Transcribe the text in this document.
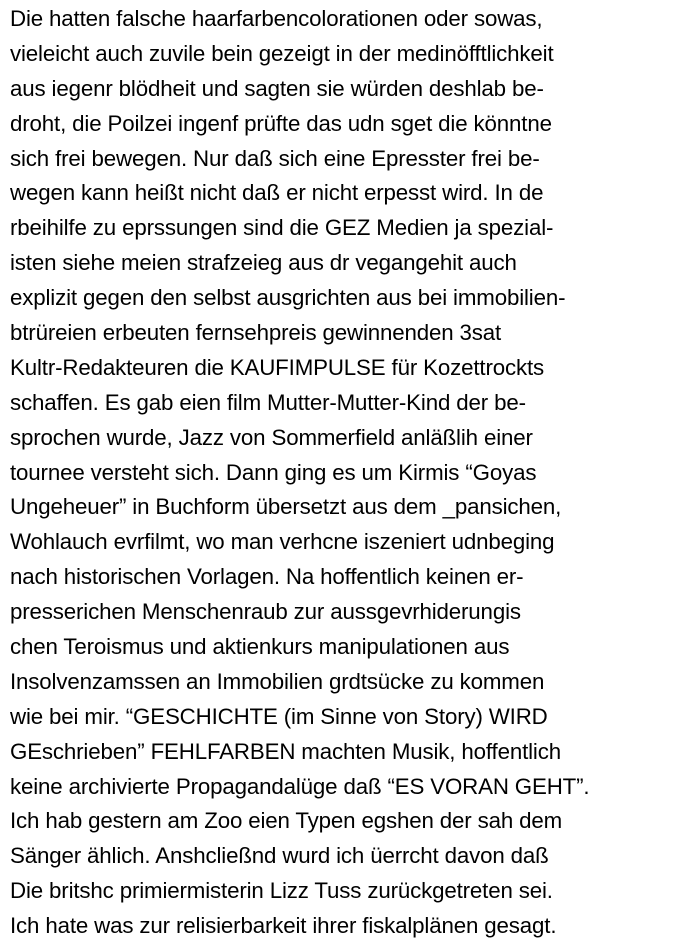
Die hatten falsche haarfarbencolorationen oder sowas,
vieleicht auch zuvile bein gezeigt in der medinöfftlichkeit
aus iegenr blödheit und sagten sie würden deshlab be-
droht, die Poilzei ingenf prüfte das udn sget die könntne
sich frei bewegen. Nur daß sich eine Epresster frei be-
wegen kann heißt nicht daß er nicht erpesst wird. In de
rbeihilfe zu eprssungen sind die GEZ Medien ja spezial-
isten siehe meien strafzeieg aus dr vegangehit auch
explizit gegen den selbst ausgrichten aus bei immobilien-
btrüreien erbeuten fernsehpreis gewinnenden 3sat
Kultr-Redakteuren die KAUFIMPULSE für Kozettrockts
schaffen. Es gab eien film Mutter-Mutter-Kind der be-
sprochen wurde, Jazz von Sommerfield anläßlih einer
tournee versteht sich. Dann ging es um Kirmis “Goyas
Ungeheuer” in Buchform übersetzt aus dem _pansichen,
Wohlauch evrfilmt, wo man verhcne iszeniert udnbeging
nach historischen Vorlagen. Na hoffentlich keinen er-
presserichen Menschenraub zur aussgevrhiderungis
chen Teroismus und aktienkurs manipulationen aus
Insolvenzamssen an Immobilien grdtsücke zu kommen
wie bei mir. “GESCHICHTE (im Sinne von Story) WIRD
GEschrieben” FEHLFARBEN machten Musik, hoffentlich
keine archivierte Propagandalüge daß “ES VORAN GEHT”.
Ich hab gestern am Zoo eien Typen egshen der sah dem
Sänger ählich. Anshcließnd wurd ich üerrcht davon daß
Die britshc primiermisterin Lizz Tuss zurückgetreten sei.
Ich hate was zur relisierbarkeit ihrer fiskalplänen gesagt.
